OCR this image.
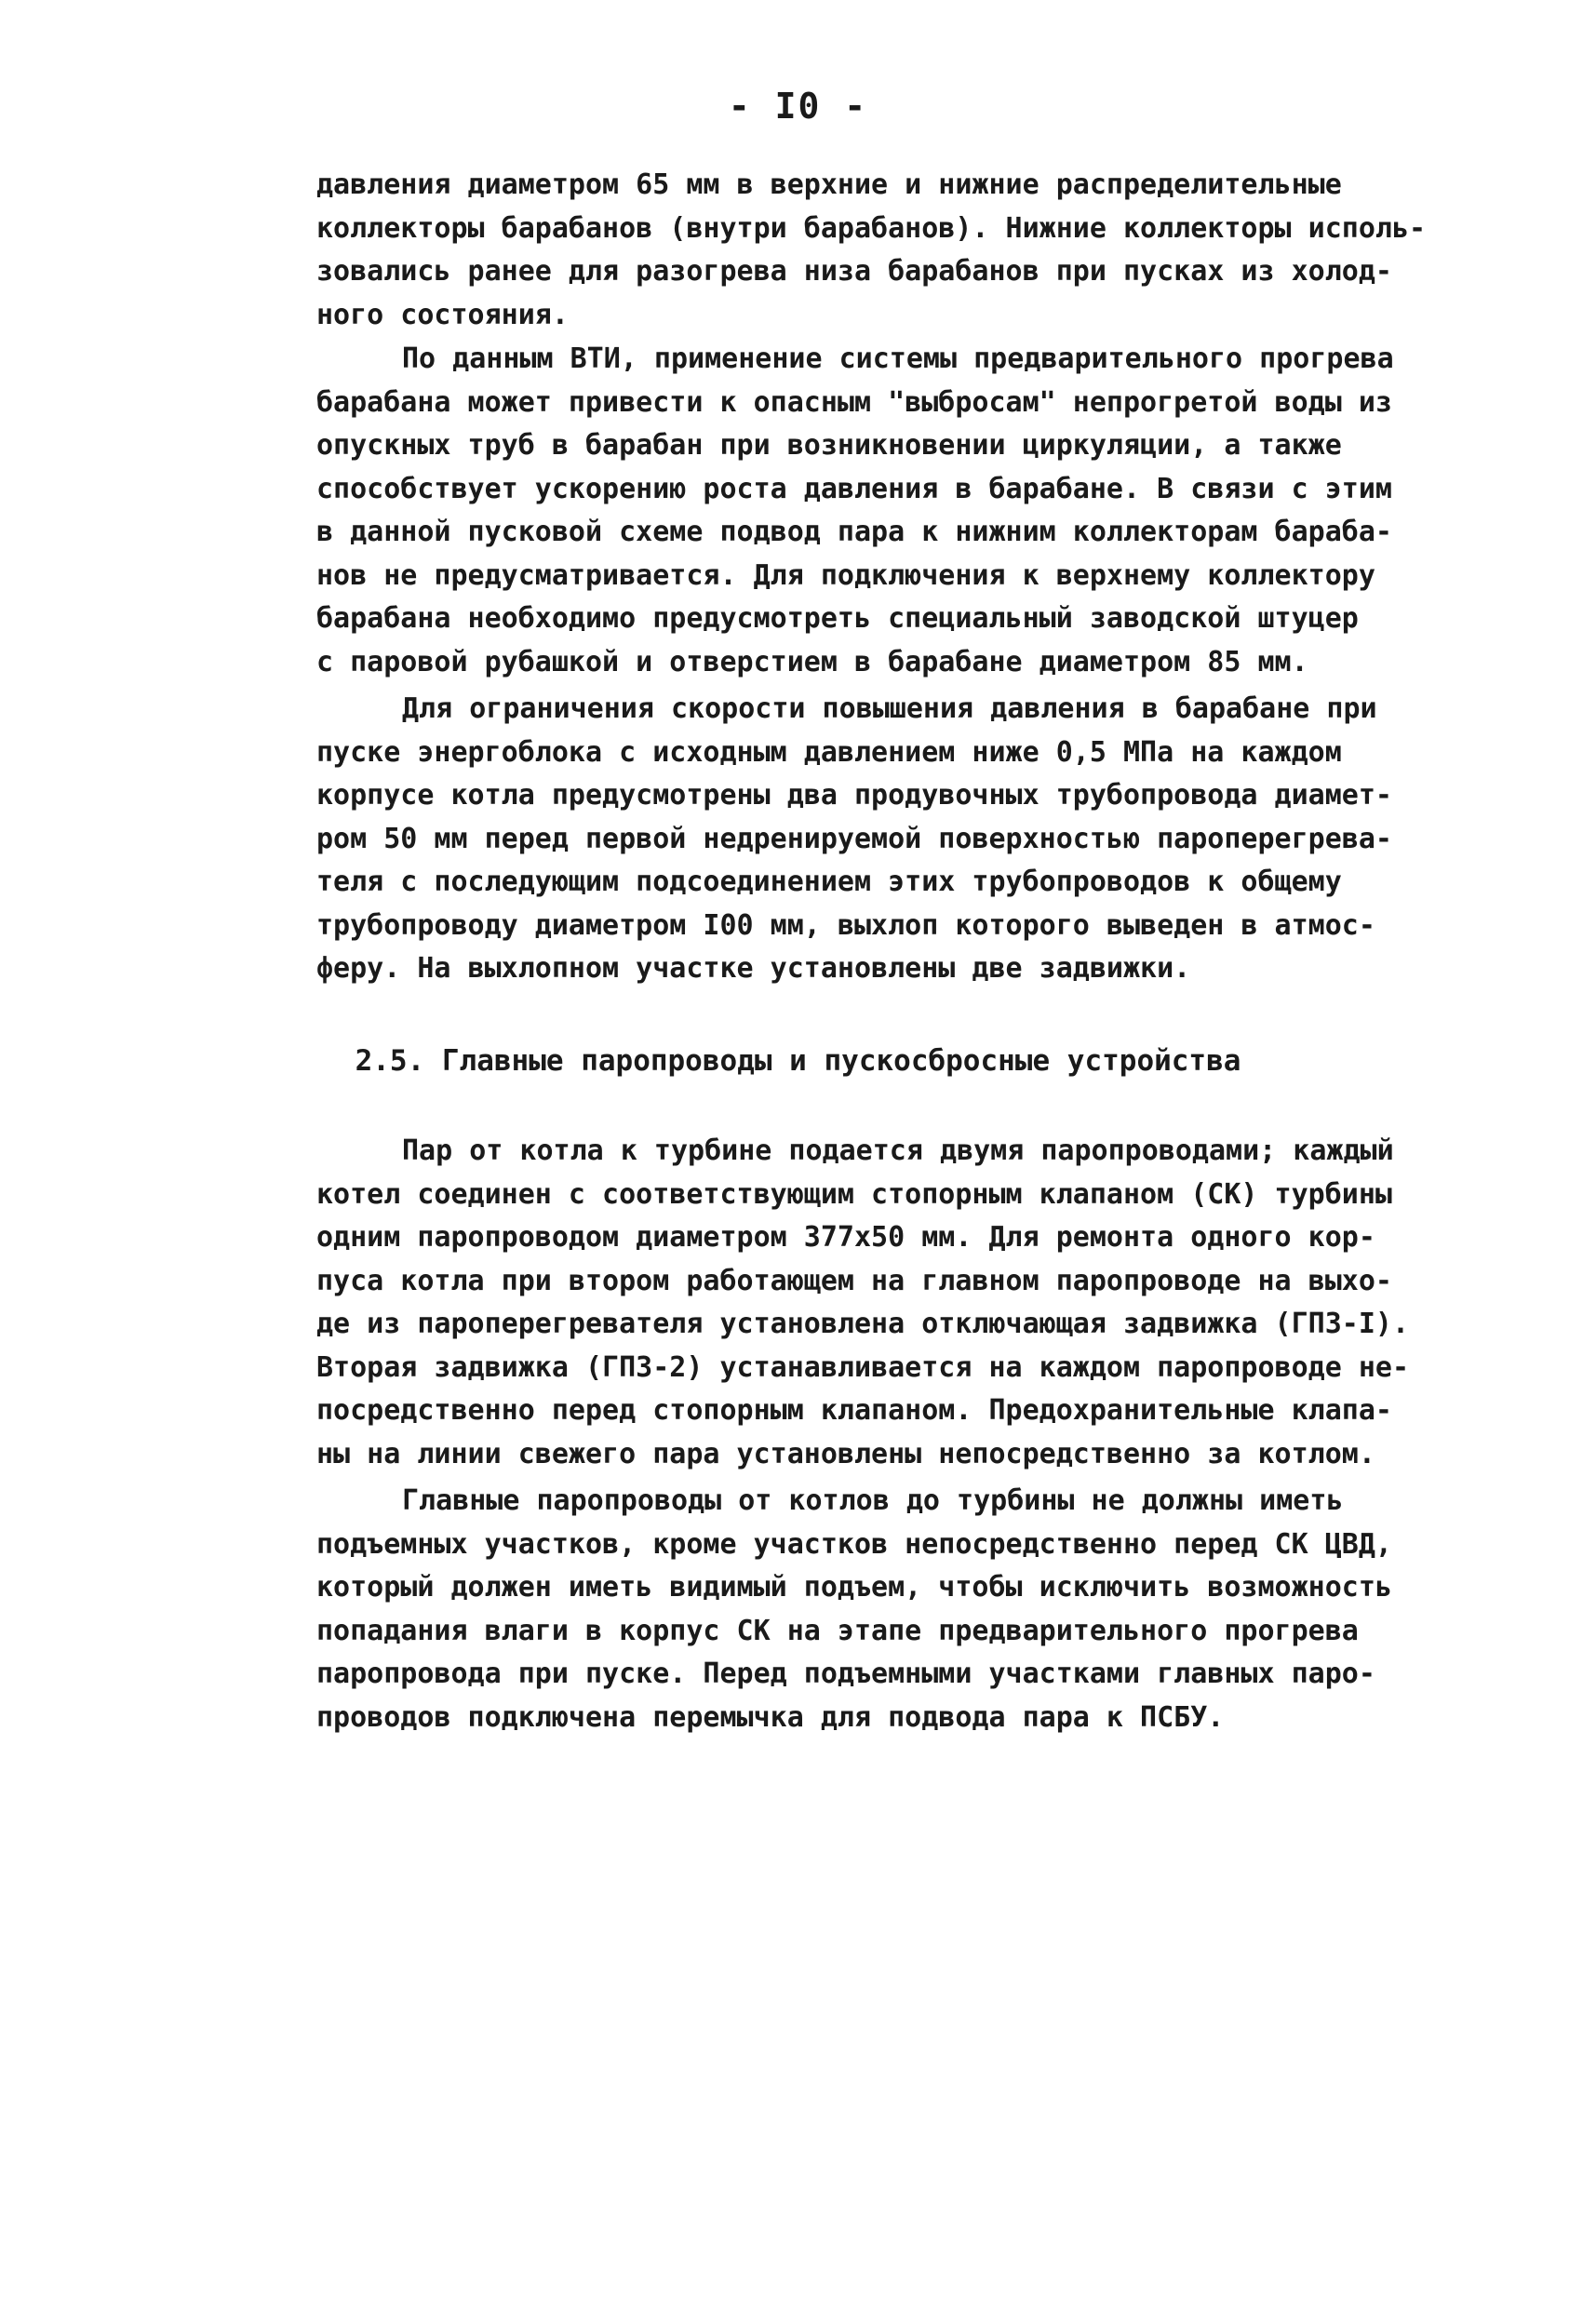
- I0 -
давления диаметром 65 мм в верхние и нижние распределительные
коллекторы барабанов (внутри барабанов). Нижние коллекторы исполь-
зовались ранее для разогрева низа барабанов при пусках из холод-
ного состояния.
По данным ВТИ, применение системы предварительного прогрева
барабана может привести к опасным "выбросам" непрогретой воды из
опускных труб в барабан при возникновении циркуляции, а также
способствует ускорению роста давления в барабане. В связи с этим
в данной пусковой схеме подвод пара к нижним коллекторам бараба-
нов не предусматривается. Для подключения к верхнему коллектору
барабана необходимо предусмотреть специальный заводской штуцер
с паровой рубашкой и отверстием в барабане диаметром 85 мм.
Для ограничения скорости повышения давления в барабане при
пуске энергоблока с исходным давлением ниже 0,5 МПа на каждом
корпусе котла предусмотрены два продувочных трубопровода диамет-
ром 50 мм перед первой недренируемой поверхностью пароперегрева-
теля с последующим подсоединением этих трубопроводов к общему
трубопроводу диаметром I00 мм, выхлоп которого выведен в атмос-
феру. На выхлопном участке установлены две задвижки.
2.5. Главные паропроводы и пускосбросные устройства
Пар от котла к турбине подается двумя паропроводами; каждый
котел соединен с соответствующим стопорным клапаном (СК) турбины
одним паропроводом диаметром 377х50 мм. Для ремонта одного кор-
пуса котла при втором работающем на главном паропроводе на выхо-
де из пароперегревателя установлена отключающая задвижка (ГПЗ-I).
Вторая задвижка (ГПЗ-2) устанавливается на каждом паропроводе не-
посредственно перед стопорным клапаном. Предохранительные клапа-
ны на линии свежего пара установлены непосредственно за котлом.
Главные паропроводы от котлов до турбины не должны иметь
подъемных участков, кроме участков непосредственно перед СК ЦВД,
который должен иметь видимый подъем, чтобы исключить возможность
попадания влаги в корпус СК на этапе предварительного прогрева
паропровода при пуске. Перед подъемными участками главных паро-
проводов подключена перемычка для подвода пара к ПСБУ.
